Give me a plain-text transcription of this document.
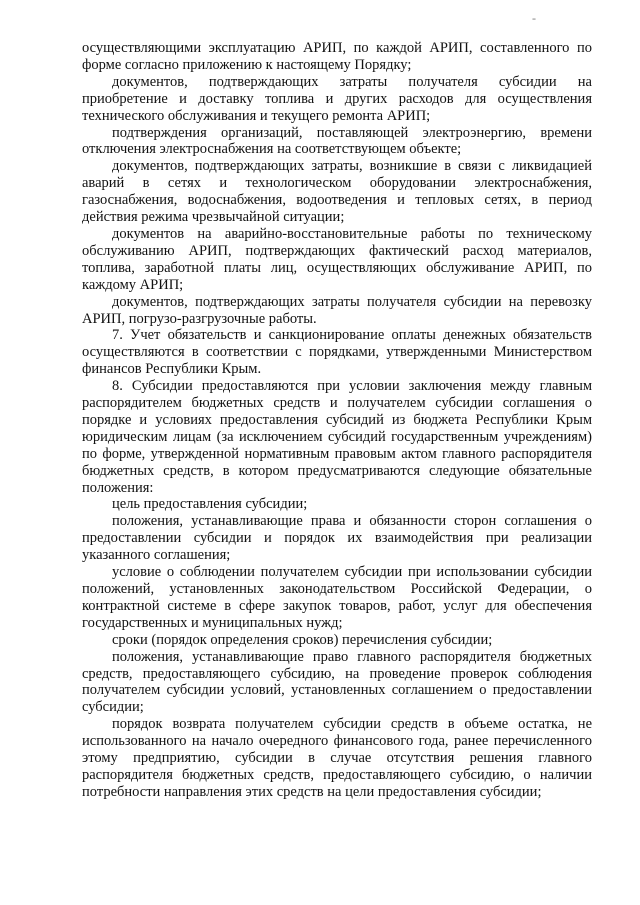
-

осуществляющими эксплуатацию АРИП, по каждой АРИП, составленного по форме согласно приложению к настоящему Порядку;

документов, подтверждающих затраты получателя субсидии на приобретение и доставку топлива и других расходов для осуществления технического обслуживания и текущего ремонта АРИП;

подтверждения организаций, поставляющей электроэнергию, времени отключения электроснабжения на соответствующем объекте;

документов, подтверждающих затраты, возникшие в связи с ликвидацией аварий в сетях и технологическом оборудовании электроснабжения, газоснабжения, водоснабжения, водоотведения и тепловых сетях, в период действия режима чрезвычайной ситуации;

документов на аварийно-восстановительные работы по техническому обслуживанию АРИП, подтверждающих фактический расход материалов, топлива, заработной платы лиц, осуществляющих обслуживание АРИП, по каждому АРИП;

документов, подтверждающих затраты получателя субсидии на перевозку АРИП, погрузо-разгрузочные работы.

7. Учет обязательств и санкционирование оплаты денежных обязательств осуществляются в соответствии с порядками, утвержденными Министерством финансов Республики Крым.

8. Субсидии предоставляются при условии заключения между главным распорядителем бюджетных средств и получателем субсидии соглашения о порядке и условиях предоставления субсидий из бюджета Республики Крым юридическим лицам (за исключением субсидий государственным учреждениям) по форме, утвержденной нормативным правовым актом главного распорядителя бюджетных средств, в котором предусматриваются следующие обязательные положения:

цель предоставления субсидии;

положения, устанавливающие права и обязанности сторон соглашения о предоставлении субсидии и порядок их взаимодействия при реализации указанного соглашения;

условие о соблюдении получателем субсидии при использовании субсидии положений, установленных законодательством Российской Федерации, о контрактной системе в сфере закупок товаров, работ, услуг для обеспечения государственных и муниципальных нужд;

сроки (порядок определения сроков) перечисления субсидии;

положения, устанавливающие право главного распорядителя бюджетных средств, предоставляющего субсидию, на проведение проверок соблюдения получателем субсидии условий, установленных соглашением о предоставлении субсидии;

порядок возврата получателем субсидии средств в объеме остатка, не использованного на начало очередного финансового года, ранее перечисленного этому предприятию, субсидии в случае отсутствия решения главного распорядителя бюджетных средств, предоставляющего субсидию, о наличии потребности направления этих средств на цели предоставления субсидии;
